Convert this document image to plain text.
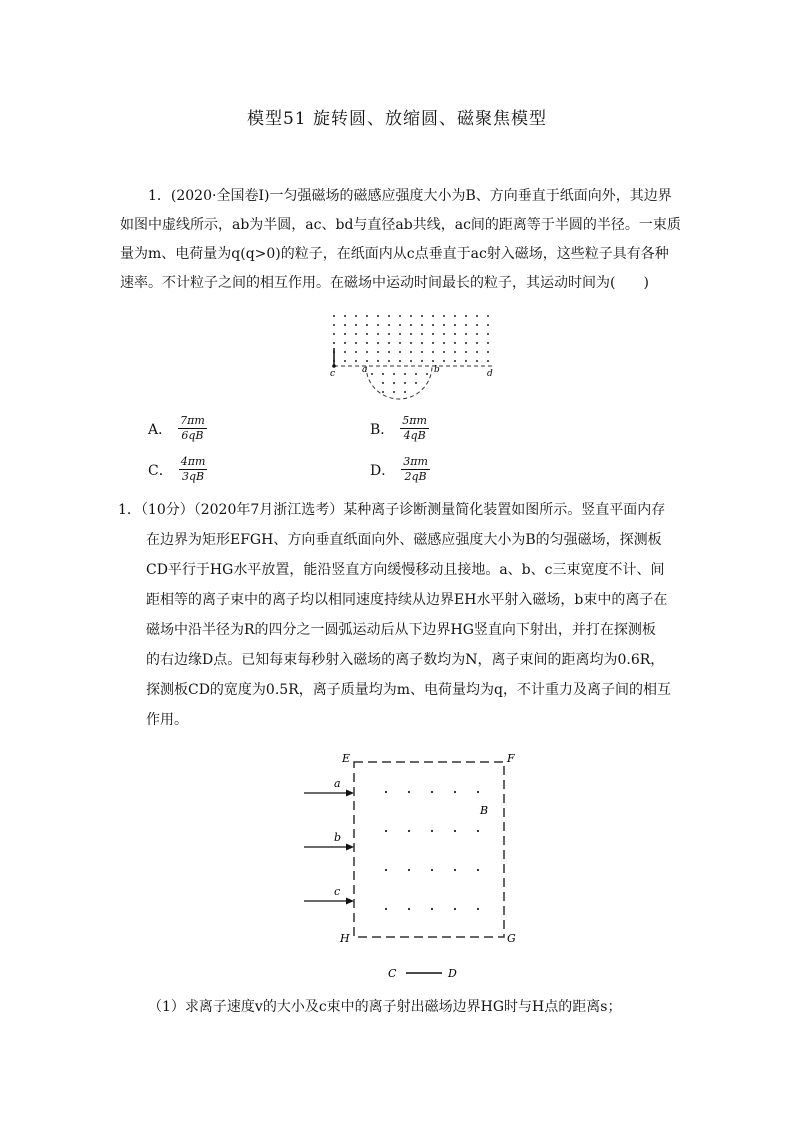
模型51 旋转圆、放缩圆、磁聚焦模型
1．(2020·全国卷Ⅰ)一匀强磁场的磁感应强度大小为B、方向垂直于纸面向外，其边界
如图中虚线所示，ab为半圆，ac、bd与直径ab共线，ac间的距离等于半圆的半径。一束质
量为m、电荷量为q(q>0)的粒子，在纸面内从c点垂直于ac射入磁场，这些粒子具有各种
速率。不计粒子之间的相互作用。在磁场中运动时间最长的粒子，其运动时间为(　　)
c	a	b	d
A． $\frac{7\pi m}{6qB}$	B． $\frac{5\pi m}{4qB}$
C． $\frac{4\pi m}{3qB}$	D． $\frac{3\pi m}{2qB}$
1．（10分）（2020年7月浙江选考）某种离子诊断测量简化装置如图所示。竖直平面内存
在边界为矩形EFGH、方向垂直纸面向外、磁感应强度大小为B的匀强磁场，探测板
CD平行于HG水平放置，能沿竖直方向缓慢移动且接地。a、b、c三束宽度不计、间
距相等的离子束中的离子均以相同速度持续从边界EH水平射入磁场，b束中的离子在
磁场中沿半径为R的四分之一圆弧运动后从下边界HG竖直向下射出，并打在探测板
的右边缘D点。已知每束每秒射入磁场的离子数均为N，离子束间的距离均为0.6R，
探测板CD的宽度为0.5R，离子质量均为m、电荷量均为q，不计重力及离子间的相互
作用。
E	F
G
H
B
a
b
c
C	D
（1）求离子速度v的大小及c束中的离子射出磁场边界HG时与H点的距离s；
